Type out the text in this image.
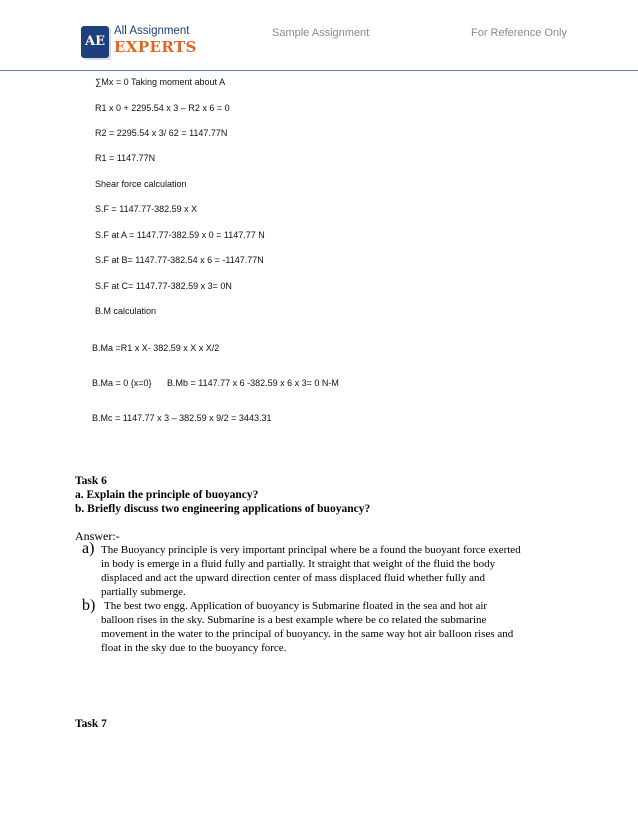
AE
All Assignment
EXPERTS
Sample Assignment	For Reference Only
∑Mx = 0 Taking moment about A
R1 x 0 + 2295.54 x 3 – R2 x 6 = 0
R2 = 2295.54 x 3/ 62 = 1147.77N
R1 = 1147.77N
Shear force calculation
S.F = 1147.77-382.59 x X
S.F at A = 1147.77-382.59 x 0 = 1147.77 N
S.F at B= 1147.77-382.54 x 6 = -1147.77N
S.F at C= 1147.77-382.59 x 3= 0N
B.M calculation
B.Ma =R1 x X- 382.59 x X x X/2
B.Ma = 0 {x=0} B.Mb = 1147.77 x 6 -382.59 x 6 x 3= 0 N-M
B.Mc = 1147.77 x 3 – 382.59 x 9/2 = 3443.31
Task 6
a. Explain the principle of buoyancy?
b. Briefly discuss two engineering applications of buoyancy?
Answer:-
a) The Buoyancy principle is very important principal where be a found the buoyant force exerted
in body is emerge in a fluid fully and partially. It straight that weight of the fluid the body
displaced and act the upward direction center of mass displaced fluid whether fully and
partially submerge.
b) The best two engg. Application of buoyancy is Submarine floated in the sea and hot air
balloon rises in the sky. Submarine is a best example where be co related the submarine
movement in the water to the principal of buoyancy. in the same way hot air balloon rises and
float in the sky due to the buoyancy force.
Task 7
